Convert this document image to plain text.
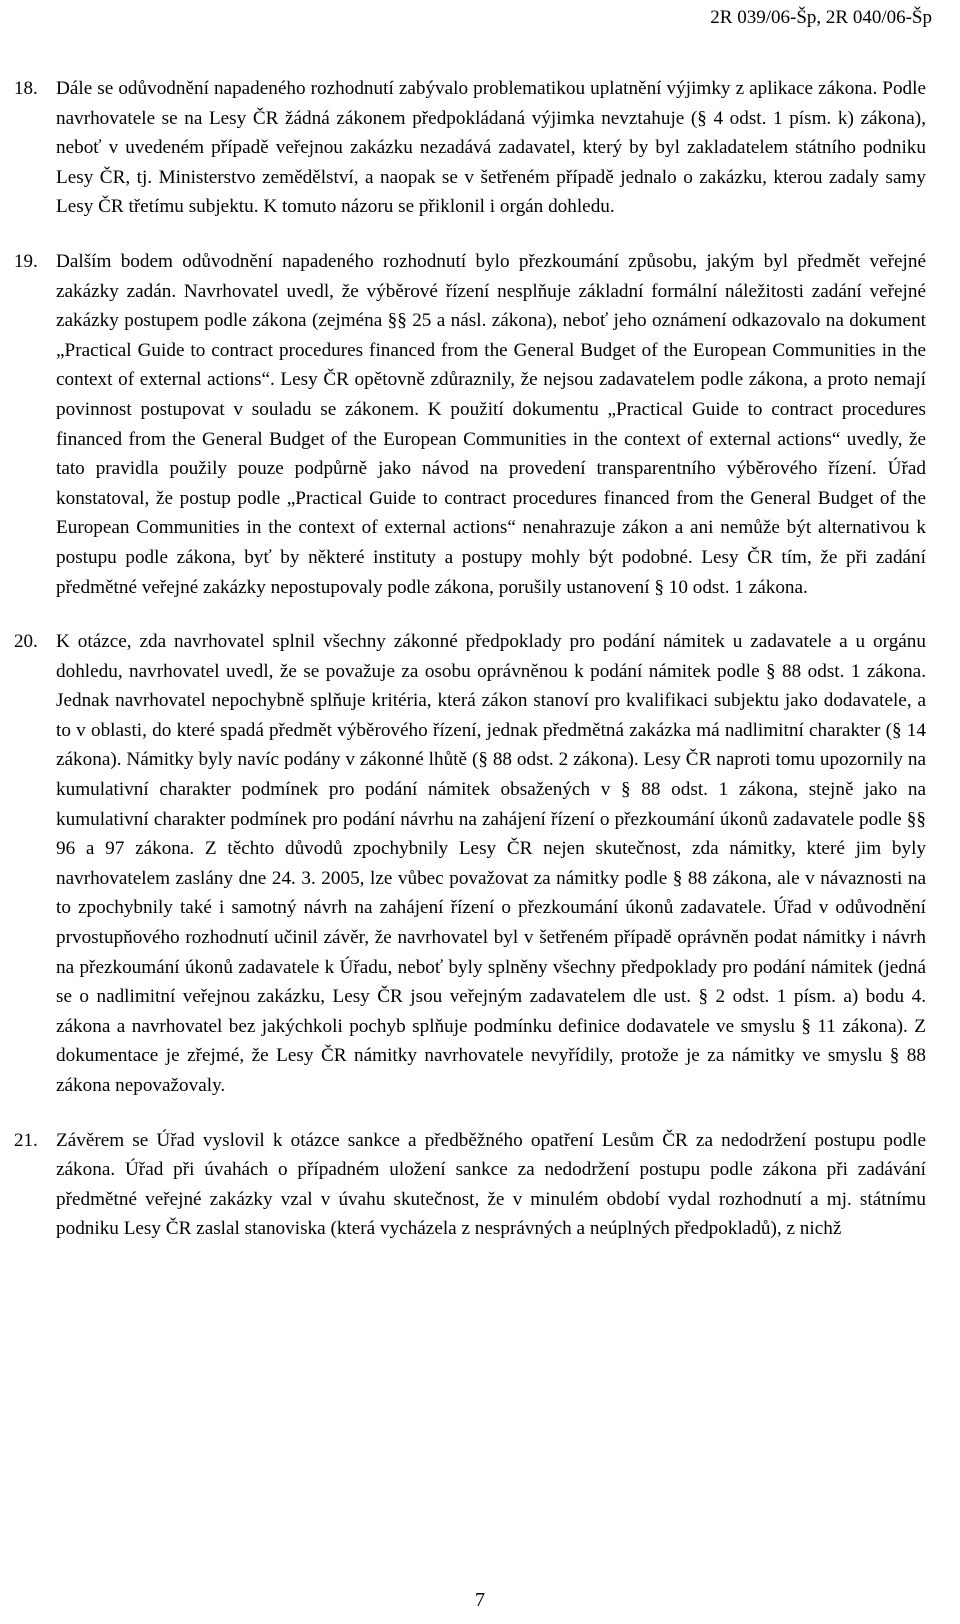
2R 039/06-Šp, 2R 040/06-Šp
18. Dále se odůvodnění napadeného rozhodnutí zabývalo problematikou uplatnění výjimky z aplikace zákona. Podle navrhovatele se na Lesy ČR žádná zákonem předpokládaná výjimka nevztahuje (§ 4 odst. 1 písm. k) zákona), neboť v uvedeném případě veřejnou zakázku nezadává zadavatel, který by byl zakladatelem státního podniku Lesy ČR, tj. Ministerstvo zemědělství, a naopak se v šetřeném případě jednalo o zakázku, kterou zadaly samy Lesy ČR třetímu subjektu. K tomuto názoru se přiklonil i orgán dohledu.
19. Dalším bodem odůvodnění napadeného rozhodnutí bylo přezkoumání způsobu, jakým byl předmět veřejné zakázky zadán. Navrhovatel uvedl, že výběrové řízení nesplňuje základní formální náležitosti zadání veřejné zakázky postupem podle zákona (zejména §§ 25 a násl. zákona), neboť jeho oznámení odkazovalo na dokument „Practical Guide to contract procedures financed from the General Budget of the European Communities in the context of external actions“. Lesy ČR opětovně zdůraznily, že nejsou zadavatelem podle zákona, a proto nemají povinnost postupovat v souladu se zákonem. K použití dokumentu „Practical Guide to contract procedures financed from the General Budget of the European Communities in the context of external actions“ uvedly, že tato pravidla použily pouze podpůrně jako návod na provedení transparentního výběrového řízení. Úřad konstatoval, že postup podle „Practical Guide to contract procedures financed from the General Budget of the European Communities in the context of external actions“ nenahrazuje zákon a ani nemůže být alternativou k postupu podle zákona, byť by některé instituty a postupy mohly být podobné. Lesy ČR tím, že při zadání předmětné veřejné zakázky nepostupovaly podle zákona, porušily ustanovení § 10 odst. 1 zákona.
20. K otázce, zda navrhovatel splnil všechny zákonné předpoklady pro podání námitek u zadavatele a u orgánu dohledu, navrhovatel uvedl, že se považuje za osobu oprávněnou k podání námitek podle § 88 odst. 1 zákona. Jednak navrhovatel nepochybně splňuje kritéria, která zákon stanoví pro kvalifikaci subjektu jako dodavatele, a to v oblasti, do které spadá předmět výběrového řízení, jednak předmětná zakázka má nadlimitní charakter (§ 14 zákona). Námitky byly navíc podány v zákonné lhůtě (§ 88 odst. 2 zákona). Lesy ČR naproti tomu upozornily na kumulativní charakter podmínek pro podání námitek obsažených v § 88 odst. 1 zákona, stejně jako na kumulativní charakter podmínek pro podání návrhu na zahájení řízení o přezkoumání úkonů zadavatele podle §§ 96 a 97 zákona. Z těchto důvodů zpochybnily Lesy ČR nejen skutečnost, zda námitky, které jim byly navrhovatelem zaslány dne 24. 3. 2005, lze vůbec považovat za námitky podle § 88 zákona, ale v návaznosti na to zpochybnily také i samotný návrh na zahájení řízení o přezkoumání úkonů zadavatele. Úřad v odůvodnění prvostupňového rozhodnutí učinil závěr, že navrhovatel byl v šetřeném případě oprávněn podat námitky i návrh na přezkoumání úkonů zadavatele k Úřadu, neboť byly splněny všechny předpoklady pro podání námitek (jedná se o nadlimitní veřejnou zakázku, Lesy ČR jsou veřejným zadavatelem dle ust. § 2 odst. 1 písm. a) bodu 4. zákona a navrhovatel bez jakýchkoli pochyb splňuje podmínku definice dodavatele ve smyslu § 11 zákona). Z dokumentace je zřejmé, že Lesy ČR námitky navrhovatele nevyřídily, protože je za námitky ve smyslu § 88 zákona nepovažovaly.
21. Závěrem se Úřad vyslovil k otázce sankce a předběžného opatření Lesům ČR za nedodržení postupu podle zákona. Úřad při úvahách o případném uložení sankce za nedodržení postupu podle zákona při zadávání předmětné veřejné zakázky vzal v úvahu skutečnost, že v minulém období vydal rozhodnutí a mj. státnímu podniku Lesy ČR zaslal stanoviska (která vycházela z nesprávných a neúplných předpokladů), z nichž
7
